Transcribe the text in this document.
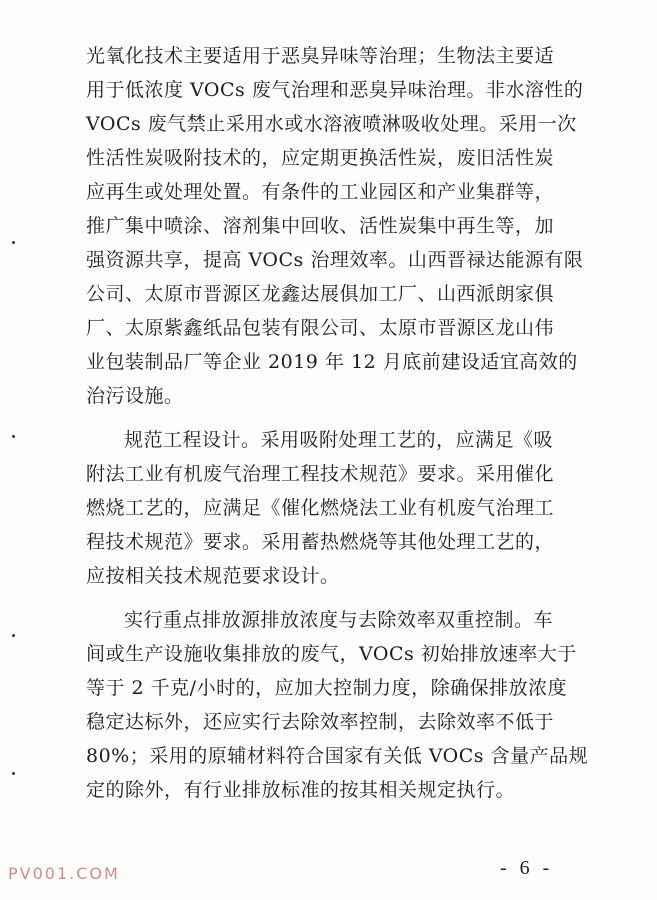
光氧化技术主要适用于恶臭异味等治理；生物法主要适
用于低浓度 VOCs 废气治理和恶臭异味治理。非水溶性的
VOCs 废气禁止采用水或水溶液喷淋吸收处理。采用一次
性活性炭吸附技术的，应定期更换活性炭，废旧活性炭
应再生或处理处置。有条件的工业园区和产业集群等，
推广集中喷涂、溶剂集中回收、活性炭集中再生等，加
强资源共享，提高 VOCs 治理效率。山西晋禄达能源有限
公司、太原市晋源区龙鑫达展俱加工厂、山西派朗家俱
厂、太原紫鑫纸品包装有限公司、太原市晋源区龙山伟
业包装制品厂等企业 2019 年 12 月底前建设适宜高效的
治污设施。
规范工程设计。采用吸附处理工艺的，应满足《吸
附法工业有机废气治理工程技术规范》要求。采用催化
燃烧工艺的，应满足《催化燃烧法工业有机废气治理工
程技术规范》要求。采用蓄热燃烧等其他处理工艺的，
应按相关技术规范要求设计。
实行重点排放源排放浓度与去除效率双重控制。车
间或生产设施收集排放的废气，VOCs 初始排放速率大于
等于 2 千克/小时的，应加大控制力度，除确保排放浓度
稳定达标外，还应实行去除效率控制，去除效率不低于
80%；采用的原辅材料符合国家有关低 VOCs 含量产品规
定的除外，有行业排放标准的按其相关规定执行。
PV001.COM	- 6 -
